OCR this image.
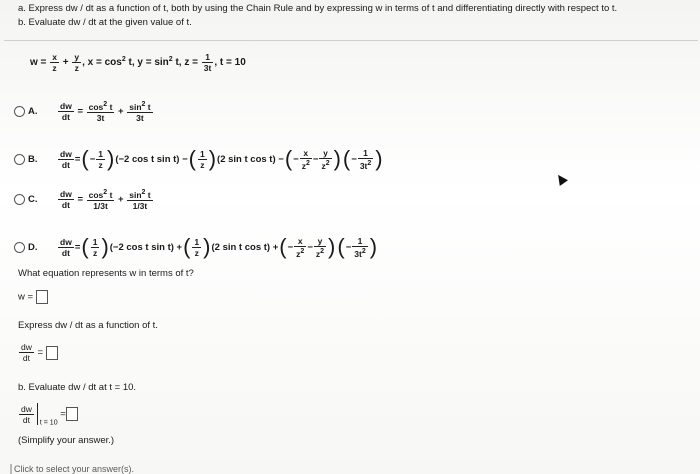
a. Express dw / dt as a function of t, both by using the Chain Rule and by expressing w in terms of t and differentiating directly with respect to t.
b. Evaluate dw / dt at the given value of t.
$w = \frac{x}{z} + \frac{y}{z}$ , $x = \cos^2 t$, $y = \sin^2 t$, $z = \frac{1}{3t}$ , t = 10
A.	$\frac{dw}{dt} = \frac{\cos^2 t}{3t} + \frac{\sin^2 t}{3t}$
B.	$\frac{dw}{dt}$ = ( − $\frac{1}{z}$ ) (−2 cos t sin t) − ( $\frac{1}{z}$ ) (2 sin t cos t) − ( − $\frac{x}{z^2} - \frac{y}{z^2}$ ) ( − $\frac{1}{3t^2}$ )
C.	$\frac{dw}{dt} = \frac{\cos^2 t}{1/3t} + \frac{\sin^2 t}{1/3t}$
D.	$\frac{dw}{dt}$ = ( $\frac{1}{z}$ ) (−2 cos t sin t) + ( $\frac{1}{z}$ ) (2 sin t cos t) + ( − $\frac{x}{z^2} - \frac{y}{z^2}$ ) ( − $\frac{1}{3t^2}$ )
What equation represents w in terms of t?
w =
Express dw / dt as a function of t.
$\frac{dw}{dt}$ =
b. Evaluate dw / dt at t = 10.
$\frac{dw}{dt} _{t = 10}$ =
(Simplify your answer.)
Click to select your answer(s).
